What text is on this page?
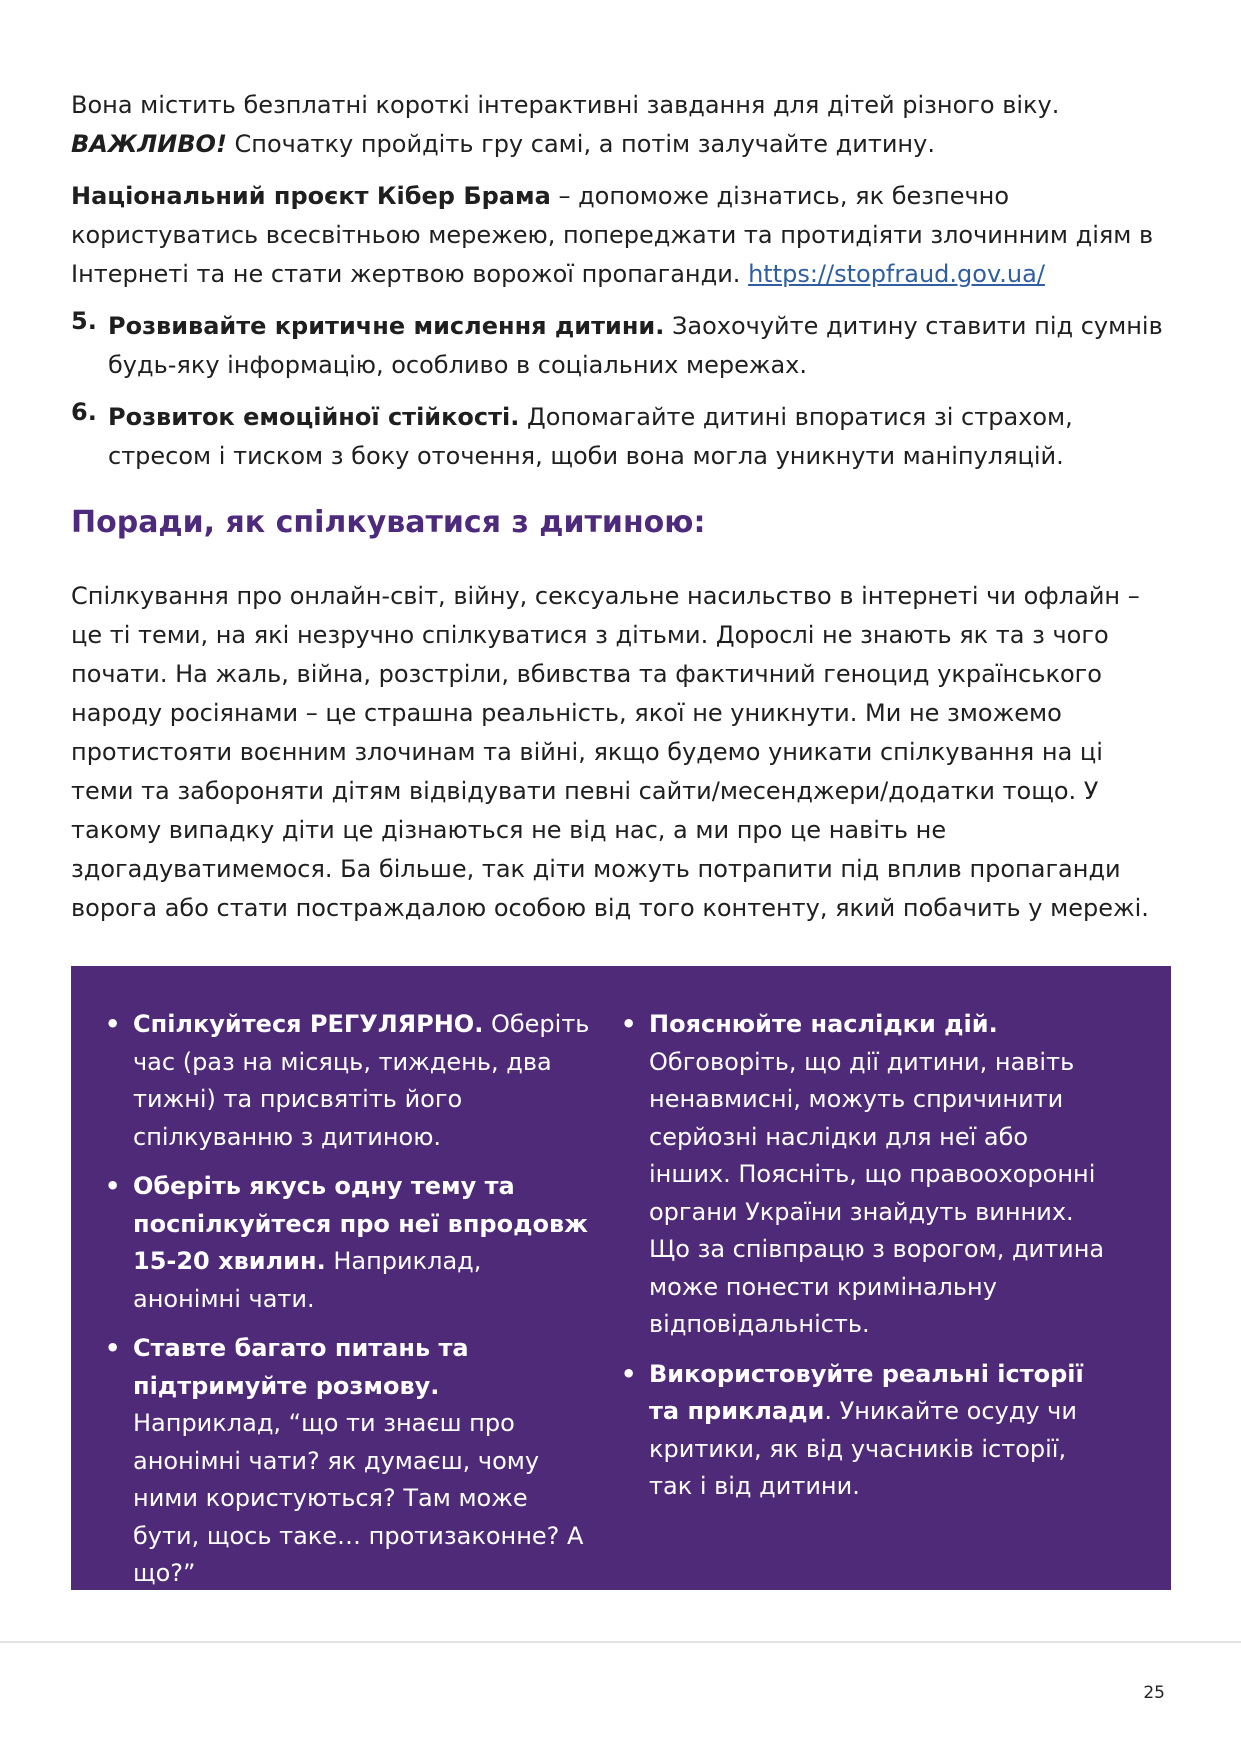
Вона містить безплатні короткі інтерактивні завдання для дітей різного віку.
ВАЖЛИВО! Спочатку пройдіть гру самі, а потім залучайте дитину.

Національний проєкт Кібер Брама – допоможе дізнатись, як безпечно користуватись всесвітньою мережею, попереджати та протидіяти злочинним діям в Інтернеті та не стати жертвою ворожої пропаганди. https://stopfraud.gov.ua/

5. Розвивайте критичне мислення дитини. Заохочуйте дитину ставити під сумнів будь-яку інформацію, особливо в соціальних мережах.

6. Розвиток емоційної стійкості. Допомагайте дитині впоратися зі страхом, стресом і тиском з боку оточення, щоби вона могла уникнути маніпуляцій.

Поради, як спілкуватися з дитиною:

Спілкування про онлайн-світ, війну, сексуальне насильство в інтернеті чи офлайн – це ті теми, на які незручно спілкуватися з дітьми. Дорослі не знають як та з чого почати. На жаль, війна, розстріли, вбивства та фактичний геноцид українського народу росіянами – це страшна реальність, якої не уникнути. Ми не зможемо протистояти воєнним злочинам та війні, якщо будемо уникати спілкування на ці теми та забороняти дітям відвідувати певні сайти/месенджери/додатки тощо. У такому випадку діти це дізнаються не від нас, а ми про це навіть не здогадуватимемося. Ба більше, так діти можуть потрапити під вплив пропаганди ворога або стати постраждалою особою від того контенту, який побачить у мережі.

• Спілкуйтеся РЕГУЛЯРНО. Оберіть час (раз на місяць, тиждень, два тижні) та присвятіть його спілкуванню з дитиною.

• Оберіть якусь одну тему та поспілкуйтеся про неї впродовж 15-20 хвилин. Наприклад, анонімні чати.

• Ставте багато питань та підтримуйте розмову. Наприклад, “що ти знаєш про анонімні чати? як думаєш, чому ними користуються? Там може бути, щось таке… протизаконне? А що?”

• Пояснюйте наслідки дій. Обговоріть, що дії дитини, навіть ненавмисні, можуть спричинити серйозні наслідки для неї або інших. Поясніть, що правоохоронні органи України знайдуть винних. Що за співпрацю з ворогом, дитина може понести кримінальну відповідальність.

• Використовуйте реальні історії та приклади. Уникайте осуду чи критики, як від учасників історії, так і від дитини.

25
